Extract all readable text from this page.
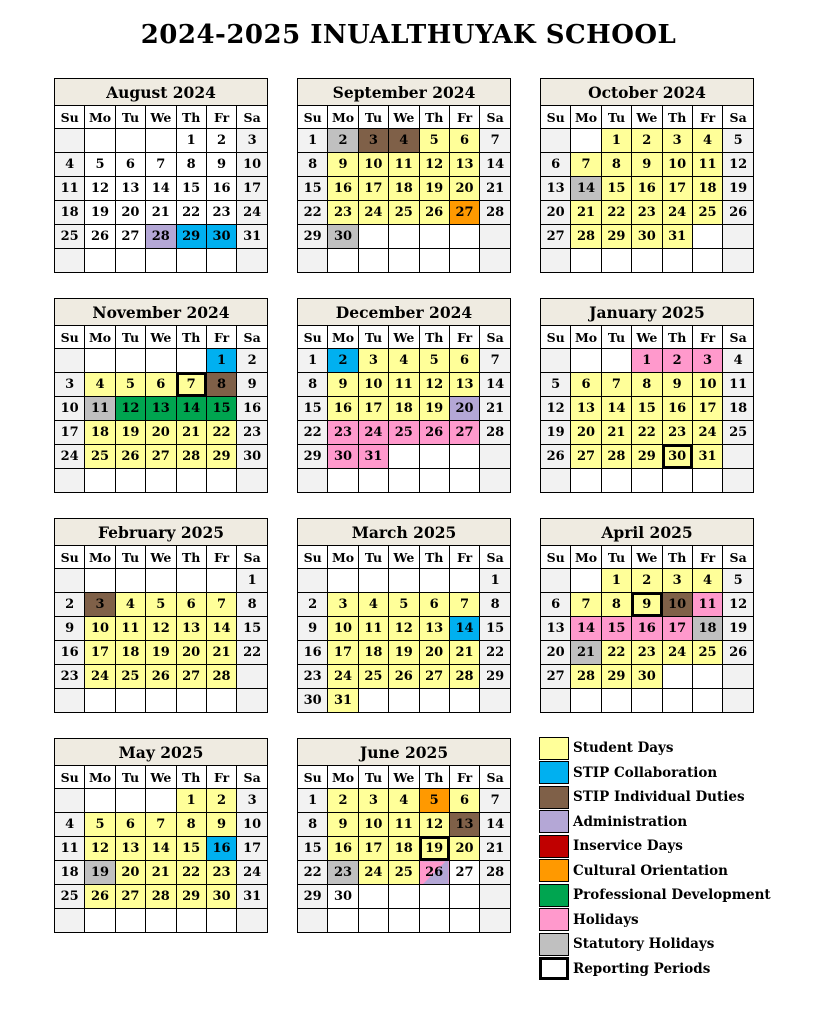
2024-2025 INUALTHUYAK SCHOOL
August 2024						
Su	Mo	Tu	We	Th	Fr	Sa
				1	2	3
4	5	6	7	8	9	10
11	12	13	14	15	16	17
18	19	20	21	22	23	24
25	26	27	28	29	30	31

September 2024						
Su	Mo	Tu	We	Th	Fr	Sa
1	2	3	4	5	6	7
8	9	10	11	12	13	14
15	16	17	18	19	20	21
22	23	24	25	26	27	28
29	30					

October 2024						
Su	Mo	Tu	We	Th	Fr	Sa
		1	2	3	4	5
6	7	8	9	10	11	12
13	14	15	16	17	18	19
20	21	22	23	24	25	26
27	28	29	30	31		

November 2024						
Su	Mo	Tu	We	Th	Fr	Sa
					1	2
3	4	5	6	7	8	9
10	11	12	13	14	15	16
17	18	19	20	21	22	23
24	25	26	27	28	29	30

December 2024						
Su	Mo	Tu	We	Th	Fr	Sa
1	2	3	4	5	6	7
8	9	10	11	12	13	14
15	16	17	18	19	20	21
22	23	24	25	26	27	28
29	30	31				

January 2025						
Su	Mo	Tu	We	Th	Fr	Sa
			1	2	3	4
5	6	7	8	9	10	11
12	13	14	15	16	17	18
19	20	21	22	23	24	25
26	27	28	29	30	31	

February 2025						
Su	Mo	Tu	We	Th	Fr	Sa
						1
2	3	4	5	6	7	8
9	10	11	12	13	14	15
16	17	18	19	20	21	22
23	24	25	26	27	28	

March 2025						
Su	Mo	Tu	We	Th	Fr	Sa
						1
2	3	4	5	6	7	8
9	10	11	12	13	14	15
16	17	18	19	20	21	22
23	24	25	26	27	28	29
30	31					
April 2025						
Su	Mo	Tu	We	Th	Fr	Sa
		1	2	3	4	5
6	7	8	9	10	11	12
13	14	15	16	17	18	19
20	21	22	23	24	25	26
27	28	29	30			

May 2025						
Su	Mo	Tu	We	Th	Fr	Sa
				1	2	3
4	5	6	7	8	9	10
11	12	13	14	15	16	17
18	19	20	21	22	23	24
25	26	27	28	29	30	31

June 2025						
Su	Mo	Tu	We	Th	Fr	Sa
1	2	3	4	5	6	7
8	9	10	11	12	13	14
15	16	17	18	19	20	21
22	23	24	25	26	27	28
29	30					

Student Days
STIP Collaboration
STIP Individual Duties
Administration
Inservice Days
Cultural Orientation
Professional Development
Holidays
Statutory Holidays
Reporting Periods
